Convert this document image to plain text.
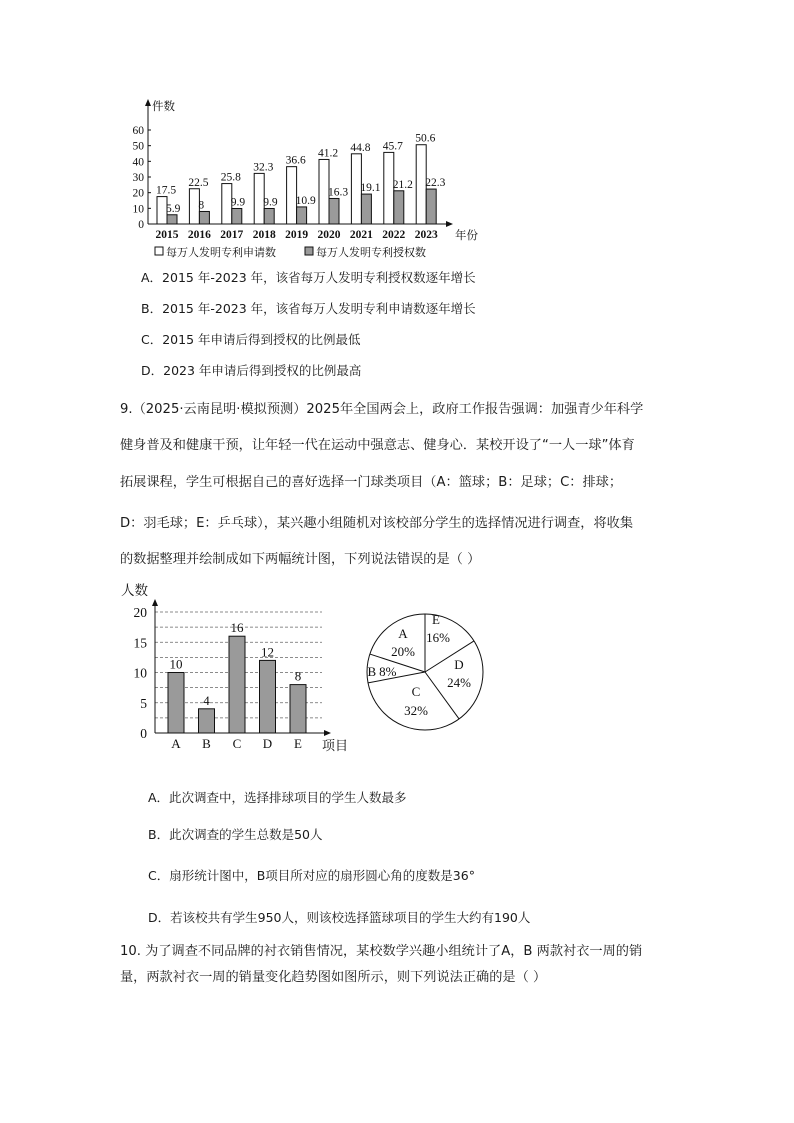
件数
年份
0
10
20
30
40
50
60
17.5
5.9
2015
22.5
8
2016
25.8
9.9
2017
32.3
9.9
2018
36.6
10.9
2019
41.2
16.3
2020
44.8
19.1
2021
45.7
21.2
2022
50.6
22.3
2023
每万人发明专利申请数	每万人发明专利授权数
A．2015 年-2023 年，该省每万人发明专利授权数逐年增长
B．2015 年-2023 年，该省每万人发明专利申请数逐年增长
C．2015 年申请后得到授权的比例最低
D．2023 年申请后得到授权的比例最高
9.（2025·云南昆明·模拟预测）2025年全国两会上，政府工作报告强调：加强青少年科学
健身普及和健康干预，让年轻一代在运动中强意志、健身心．某校开设了“一人一球”体育
拓展课程，学生可根据自己的喜好选择一门球类项目（A：篮球；B：足球；C：排球；
D：羽毛球；E：乒乓球），某兴趣小组随机对该校部分学生的选择情况进行调查，将收集
的数据整理并绘制成如下两幅统计图，下列说法错误的是（ ）
人数
项目
0
5
10
15
20
10
A
4
B
16
C
12
D
8
E
E
16%
D
24%
C
32%
B 8%
A
20%
A．此次调查中，选择排球项目的学生人数最多
B．此次调查的学生总数是50人
C．扇形统计图中，B项目所对应的扇形圆心角的度数是36°
D．若该校共有学生950人，则该校选择篮球项目的学生大约有190人
10. 为了调查不同品牌的衬衣销售情况，某校数学兴趣小组统计了A，B 两款衬衣一周的销
量，两款衬衣一周的销量变化趋势图如图所示，则下列说法正确的是（ ）
